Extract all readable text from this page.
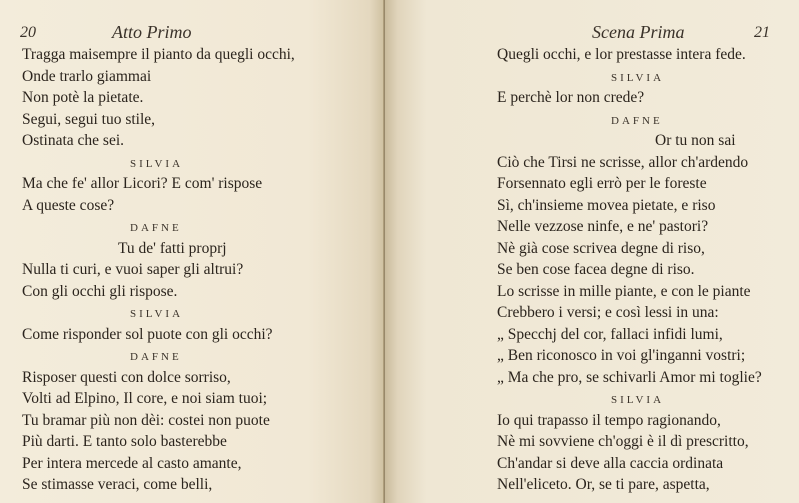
20	Atto Primo
Tragga maisempre il pianto da quegli occhi,
Onde trarlo giammai
Non potè la pietate.
Segui, segui tuo stile,
Ostinata che sei.
SILVIA
Ma che fe' allor Licori? E com' rispose
A queste cose?
DAFNE
Tu de' fatti proprj
Nulla ti curi, e vuoi saper gli altrui?
Con gli occhi gli rispose.
SILVIA
Come risponder sol puote con gli occhi?
DAFNE
Risposer questi con dolce sorriso,
Volti ad Elpino, Il core, e noi siam tuoi;
Tu bramar più non dèi: costei non puote
Più darti. E tanto solo basterebbe
Per intera mercede al casto amante,
Se stimasse veraci, come belli,
Scena Prima	21
Quegli occhi, e lor prestasse intera fede.
SILVIA
E perchè lor non crede?
DAFNE
Or tu non sai
Ciò che Tirsi ne scrisse, allor ch'ardendo
Forsennato egli errò per le foreste
Sì, ch'insieme movea pietate, e riso
Nelle vezzose ninfe, e ne' pastori?
Nè già cose scrivea degne di riso,
Se ben cose facea degne di riso.
Lo scrisse in mille piante, e con le piante
Crebbero i versi; e così lessi in una:
„ Specchj del cor, fallaci infidi lumi,
„ Ben riconosco in voi gl'inganni vostri;
„ Ma che pro, se schivarli Amor mi toglie?
SILVIA
Io qui trapasso il tempo ragionando,
Nè mi sovviene ch'oggi è il dì prescritto,
Ch'andar si deve alla caccia ordinata
Nell'eliceto. Or, se ti pare, aspetta,
